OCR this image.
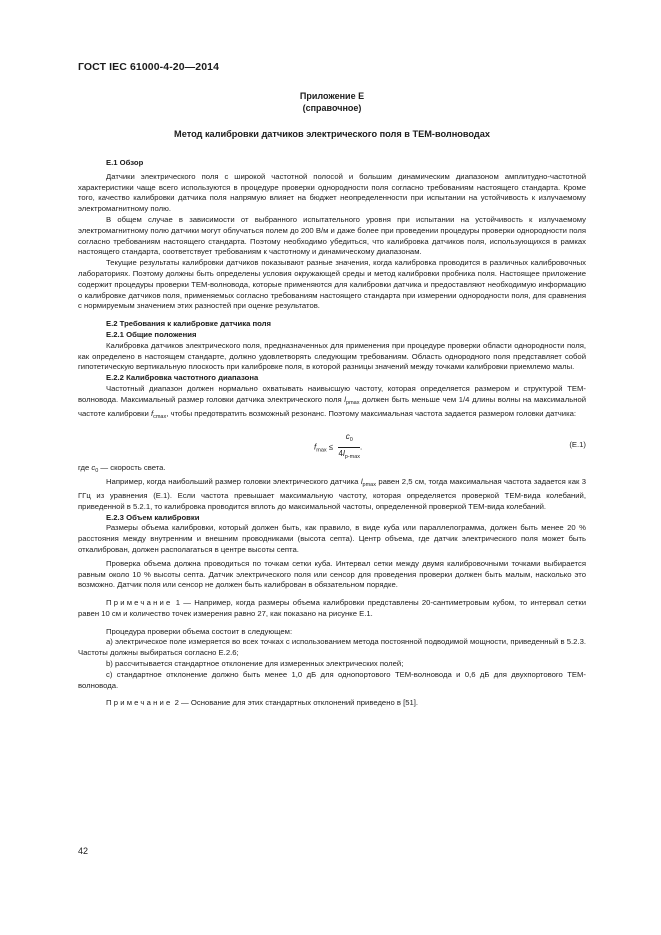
ГОСТ IEC 61000-4-20—2014
Приложение Е
(справочное)
Метод калибровки датчиков электрического поля в ТЕМ-волноводах
Е.1 Обзор

Датчики электрического поля с широкой частотной полосой и большим динамическим диапазоном амплитудно-частотной характеристики чаще всего используются в процедуре проверки однородности поля согласно требованиям настоящего стандарта. Кроме того, качество калибровки датчика поля напрямую влияет на бюджет неопределенности при испытании на устойчивость к излучаемому электромагнитному полю.

В общем случае в зависимости от выбранного испытательного уровня при испытании на устойчивость к излучаемому электромагнитному полю датчики могут облучаться полем до 200 В/м и даже более при проведении процедуры проверки однородности поля согласно требованиям настоящего стандарта. Поэтому необходимо убедиться, что калибровка датчиков поля, использующихся в рамках настоящего стандарта, соответствует требованиям к частотному и динамическому диапазонам.

Текущие результаты калибровки датчиков показывают разные значения, когда калибровка проводится в различных калибровочных лабораториях. Поэтому должны быть определены условия окружающей среды и метод калибровки пробника поля. Настоящее приложение содержит процедуры проверки ТЕМ-волновода, которые применяются для калибровки датчика и предоставляют необходимую информацию о калибровке датчиков поля, применяемых согласно требованиям настоящего стандарта при измерении однородности поля, для сравнения с нормируемым значением этих разностей при оценке результатов.

Е.2 Требования к калибровке датчика поля
Е.2.1 Общие положения

Калибровка датчиков электрического поля, предназначенных для применения при процедуре проверки области однородности поля, как определено в настоящем стандарте, должно удовлетворять следующим требованиям. Область однородного поля представляет собой гипотетическую вертикальную плоскость при калибровке поля, в которой разницы значений между точками калибровки приемлемо малы.

Е.2.2 Калибровка частотного диапазона

Частотный диапазон должен нормально охватывать наивысшую частоту, которая определяется размером и структурой ТЕМ-волновода. Максимальный размер головки датчика электрического поля $l_{pmax}$ должен быть меньше чем 1/4 длины волны на максимальной частоте калибровки $f_{cmax}$, чтобы предотвратить возможный резонанс. Поэтому максимальная частота задается размером головки датчика:

$f_{max} \le \frac{c_0}{4l_{p-max}}$ .	(Е.1)

где $c_0$ — скорость света.

Например, когда наибольший размер головки электрического датчика $l_{pmax}$ равен 2,5 см, тогда максимальная частота задается как 3 ГГц из уравнения (Е.1). Если частота превышает максимальную частоту, которая определяется проверкой ТЕМ-вида колебаний, приведенной в 5.2.1, то калибровка проводится вплоть до максимальной частоты, определенной проверкой ТЕМ-вида колебаний.

Е.2.3 Объем калибровки

Размеры объема калибровки, который должен быть, как правило, в виде куба или параллелограмма, должен быть менее 20 % расстояния между внутренним и внешним проводниками (высота септа). Центр объема, где датчик электрического поля может быть откалиброван, должен располагаться в центре высоты септа.

Проверка объема должна проводиться по точкам сетки куба. Интервал сетки между двумя калибровочными точками выбирается равным около 10 % высоты септа. Датчик электрического поля или сенсор для проведения проверки должен быть малым, насколько это возможно. Датчик поля или сенсор не должен быть калиброван в обязательном порядке.

Примечание 1 — Например, когда размеры объема калибровки представлены 20-сантиметровым кубом, то интервал сетки равен 10 см и количество точек измерения равно 27, как показано на рисунке Е.1.

Процедура проверки объема состоит в следующем:

а) электрическое поле измеряется во всех точках с использованием метода постоянной подводимой мощности, приведенный в 5.2.3. Частоты должны выбираться согласно Е.2.6;

b) рассчитывается стандартное отклонение для измеренных электрических полей;

с) стандартное отклонение должно быть менее 1,0 дБ для однопортового ТЕМ-волновода и 0,6 дБ для двухпортового ТЕМ-волновода.

Примечание 2 — Основание для этих стандартных отклонений приведено в [51].

42
